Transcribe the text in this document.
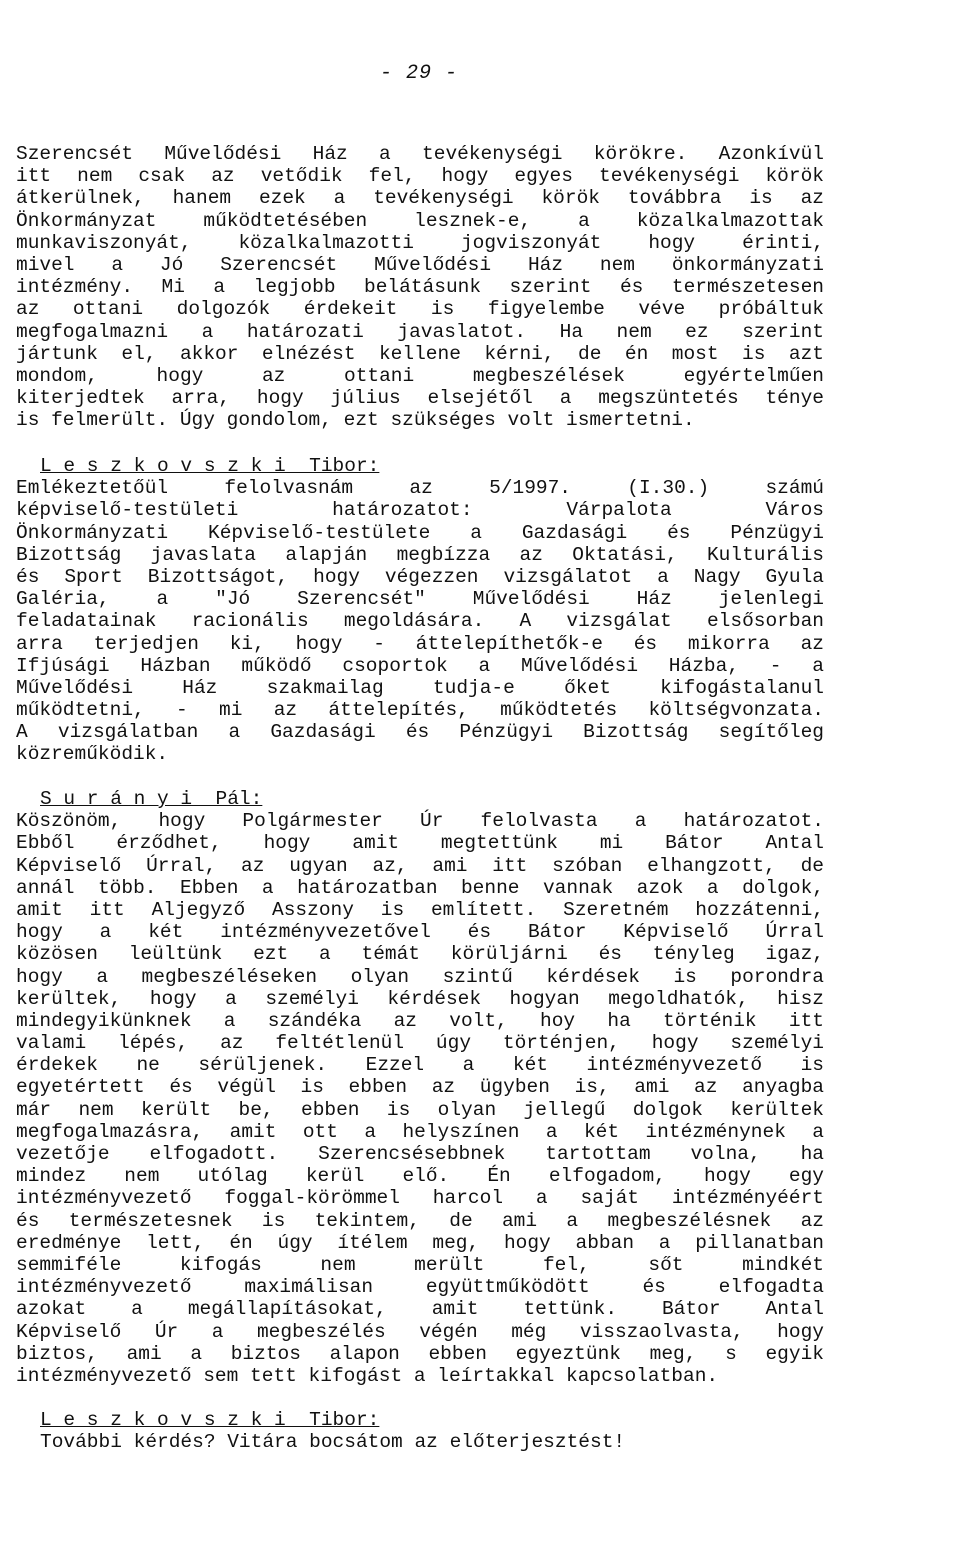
- 29 -
Szerencsét Művelődési Ház a tevékenységi körökre. Azonkívül
itt nem csak az vetődik fel, hogy egyes tevékenységi körök
átkerülnek, hanem ezek a tevékenységi körök továbbra is az
Önkormányzat működtetésében lesznek-e, a közalkalmazottak
munkaviszonyát, közalkalmazotti jogviszonyát hogy érinti,
mivel a Jó Szerencsét Művelődési Ház nem önkormányzati
intézmény. Mi a legjobb belátásunk szerint és természetesen
az ottani dolgozók érdekeit is figyelembe véve próbáltuk
megfogalmazni a határozati javaslatot. Ha nem ez szerint
jártunk el, akkor elnézést kellene kérni, de én most is azt
mondom, hogy az ottani megbeszélések egyértelműen
kiterjedtek arra, hogy július elsejétől a megszüntetés ténye
is felmerült. Úgy gondolom, ezt szükséges volt ismertetni.
L e s z k o v s z k i  Tibor:
Emlékeztetőül felolvasnám az 5/1997. (I.30.) számú
képviselő-testületi határozatot: Várpalota Város
Önkormányzati Képviselő-testülete a Gazdasági és Pénzügyi
Bizottság javaslata alapján megbízza az Oktatási, Kulturális
és Sport Bizottságot, hogy végezzen vizsgálatot a Nagy Gyula
Galéria, a "Jó Szerencsét" Művelődési Ház jelenlegi
feladatainak racionális megoldására. A vizsgálat elsősorban
arra terjedjen ki, hogy - áttelepíthetők-e és mikorra az
Ifjúsági Házban működő csoportok a Művelődési Házba, - a
Művelődési Ház szakmailag tudja-e őket kifogástalanul
működtetni, - mi az áttelepítés, működtetés költségvonzata.
A vizsgálatban a Gazdasági és Pénzügyi Bizottság segítőleg
közreműködik.
S u r á n y i  Pál:
Köszönöm, hogy Polgármester Úr felolvasta a határozatot.
Ebből érződhet, hogy amit megtettünk mi Bátor Antal
Képviselő Úrral, az ugyan az, ami itt szóban elhangzott, de
annál több. Ebben a határozatban benne vannak azok a dolgok,
amit itt Aljegyző Asszony is említett. Szeretném hozzátenni,
hogy a két intézményvezetővel és Bátor Képviselő Úrral
közösen leültünk ezt a témát körüljárni és tényleg igaz,
hogy a megbeszéléseken olyan szintű kérdések is porondra
kerültek, hogy a személyi kérdések hogyan megoldhatók, hisz
mindegyikünknek a szándéka az volt, hoy ha történik itt
valami lépés, az feltétlenül úgy történjen, hogy személyi
érdekek ne sérüljenek. Ezzel a két intézményvezető is
egyetértett és végül is ebben az ügyben is, ami az anyagba
már nem került be, ebben is olyan jellegű dolgok kerültek
megfogalmazásra, amit ott a helyszínen a két intézménynek a
vezetője elfogadott. Szerencsésebbnek tartottam volna, ha
mindez nem utólag kerül elő. Én elfogadom, hogy egy
intézményvezető foggal-körömmel harcol a saját intézményéért
és természetesnek is tekintem, de ami a megbeszélésnek az
eredménye lett, én úgy ítélem meg, hogy abban a pillanatban
semmiféle kifogás nem merült fel, sőt mindkét
intézményvezető maximálisan együttműködött és elfogadta
azokat a megállapításokat, amit tettünk. Bátor Antal
Képviselő Úr a megbeszélés végén még visszaolvasta, hogy
biztos, ami a biztos alapon ebben egyeztünk meg, s egyik
intézményvezető sem tett kifogást a leírtakkal kapcsolatban.
L e s z k o v s z k i  Tibor:
További kérdés? Vitára bocsátom az előterjesztést!
